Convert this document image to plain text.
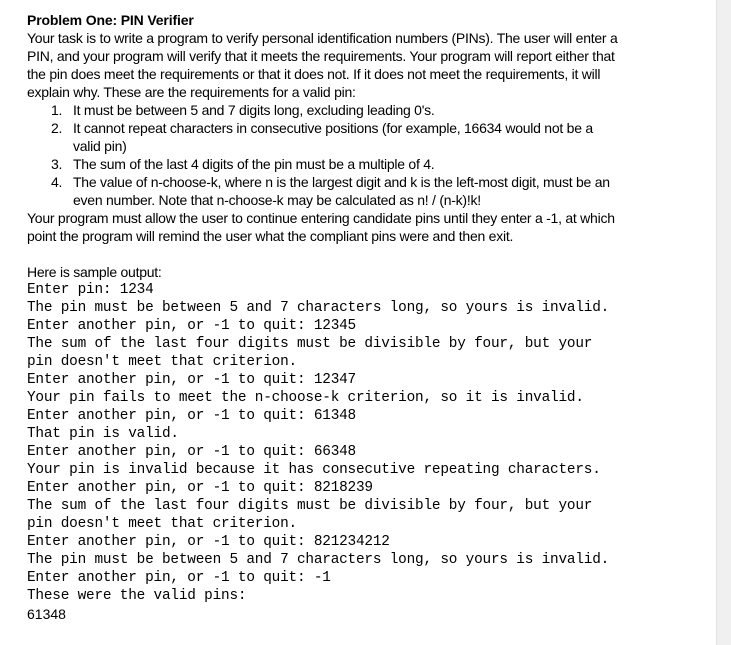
Problem One: PIN Verifier
Your task is to write a program to verify personal identification numbers (PINs). The user will enter a PIN, and your program will verify that it meets the requirements. Your program will report either that the pin does meet the requirements or that it does not. If it does not meet the requirements, it will explain why. These are the requirements for a valid pin:
1. It must be between 5 and 7 digits long, excluding leading 0's.
2. It cannot repeat characters in consecutive positions (for example, 16634 would not be a valid pin)
3. The sum of the last 4 digits of the pin must be a multiple of 4.
4. The value of n-choose-k, where n is the largest digit and k is the left-most digit, must be an even number. Note that n-choose-k may be calculated as n! / (n-k)!k!
Your program must allow the user to continue entering candidate pins until they enter a -1, at which point the program will remind the user what the compliant pins were and then exit.
Here is sample output:
Enter pin: 1234
The pin must be between 5 and 7 characters long, so yours is invalid.
Enter another pin, or -1 to quit: 12345
The sum of the last four digits must be divisible by four, but your
pin doesn't meet that criterion.
Enter another pin, or -1 to quit: 12347
Your pin fails to meet the n-choose-k criterion, so it is invalid.
Enter another pin, or -1 to quit: 61348
That pin is valid.
Enter another pin, or -1 to quit: 66348
Your pin is invalid because it has consecutive repeating characters.
Enter another pin, or -1 to quit: 8218239
The sum of the last four digits must be divisible by four, but your
pin doesn't meet that criterion.
Enter another pin, or -1 to quit: 821234212
The pin must be between 5 and 7 characters long, so yours is invalid.
Enter another pin, or -1 to quit: -1
These were the valid pins:
61348
